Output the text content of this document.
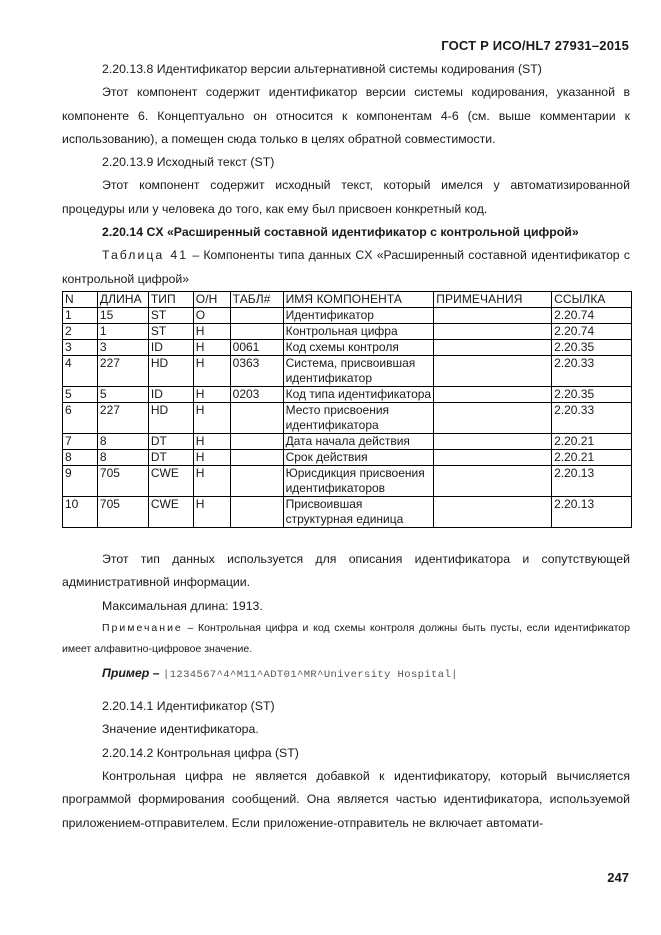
ГОСТ Р ИСО/HL7 27931–2015

2.20.13.8 Идентификатор версии альтернативной системы кодирования (ST)

Этот компонент содержит идентификатор версии системы кодирования, указанной в компоненте 6. Концептуально он относится к компонентам 4-6 (см. выше комментарии к использованию), а помещен сюда только в целях обратной совместимости.

2.20.13.9 Исходный текст (ST)

Этот компонент содержит исходный текст, который имелся у автоматизированной процедуры или у человека до того, как ему был присвоен конкретный код.

2.20.14 CX «Расширенный составной идентификатор с контрольной цифрой»

Таблица 41 – Компоненты типа данных CX «Расширенный составной идентификатор с контрольной цифрой»

N	ДЛИНА	ТИП	О/Н	ТАБЛ#	ИМЯ КОМПОНЕНТА	ПРИМЕЧАНИЯ	ССЫЛКА
1	15	ST	O		Идентификатор		2.20.74
2	1	ST	H		Контрольная цифра		2.20.74
3	3	ID	H	0061	Код схемы контроля		2.20.35
4	227	HD	H	0363	Система, присвоившая идентификатор		2.20.33
5	5	ID	H	0203	Код типа идентификатора		2.20.35
6	227	HD	H		Место присвоения идентификатора		2.20.33
7	8	DT	H		Дата начала действия		2.20.21
8	8	DT	H		Срок действия		2.20.21
9	705	CWE	H		Юрисдикция присвоения идентификаторов		2.20.13
10	705	CWE	H		Присвоившая структурная единица		2.20.13

Этот тип данных используется для описания идентификатора и сопутствующей административной информации.

Максимальная длина: 1913.

Примечание – Контрольная цифра и код схемы контроля должны быть пусты, если идентификатор имеет алфавитно-цифровое значение.

Пример – |1234567^4^M11^ADT01^MR^University Hospital|

2.20.14.1 Идентификатор (ST)

Значение идентификатора.

2.20.14.2 Контрольная цифра (ST)

Контрольная цифра не является добавкой к идентификатору, который вычисляется программой формирования сообщений. Она является частью идентификатора, используемой приложением-отправителем. Если приложение-отправитель не включает автомати-

247
